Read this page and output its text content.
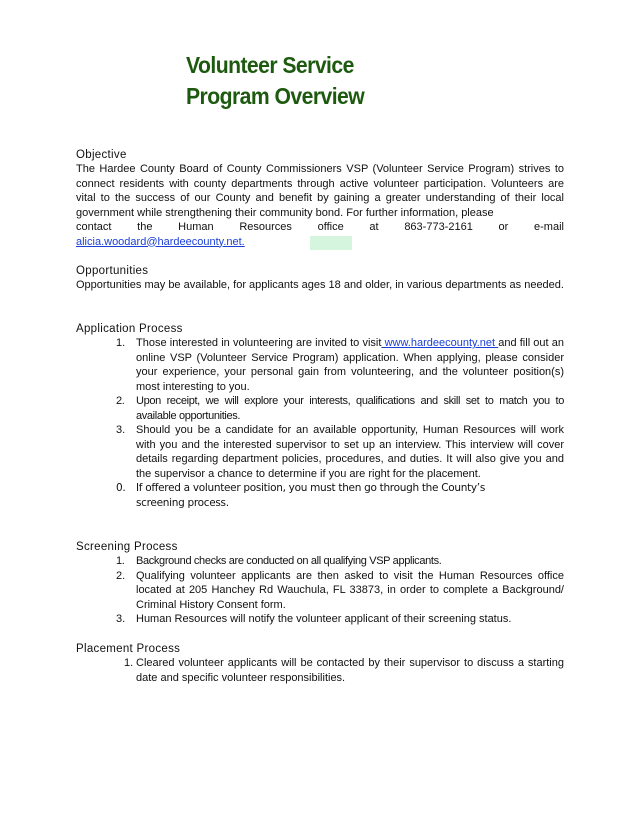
Volunteer Service
Program Overview
Objective

The Hardee County Board of County Commissioners VSP (Volunteer Service Program) strives to connect residents with county departments through active volunteer participation. Volunteers are vital to the success of our County and benefit by gaining a greater understanding of their local government while strengthening their community bond. For further information, please

contact the Human Resources office at 863-773-2161 or e-mail
alicia.woodard@hardeecounty.net.
Opportunities

Opportunities may be available, for applicants ages 18 and older, in various departments as needed.

Application Process
1. Those interested in volunteering are invited to visit www.hardeecounty.net and fill out an online VSP (Volunteer Service Program) application. When applying, please consider your experience, your personal gain from volunteering, and the volunteer position(s) most interesting to you.
2. Upon receipt, we will explore your interests, qualifications and skill set to match you to available opportunities.
3. Should you be a candidate for an available opportunity, Human Resources will work with you and the interested supervisor to set up an interview. This interview will cover details regarding department policies, procedures, and duties. It will also give you and the supervisor a chance to determine if you are right for the placement.
0. If offered a volunteer position, you must then go through the County’s screening process.
Screening Process
1. Background checks are conducted on all qualifying VSP applicants.
2. Qualifying volunteer applicants are then asked to visit the Human Resources office located at 205 Hanchey Rd Wauchula, FL 33873, in order to complete a Background/ Criminal History Consent form.
3. Human Resources will notify the volunteer applicant of their screening status.
Placement Process
1. Cleared volunteer applicants will be contacted by their supervisor to discuss a starting date and specific volunteer responsibilities.
